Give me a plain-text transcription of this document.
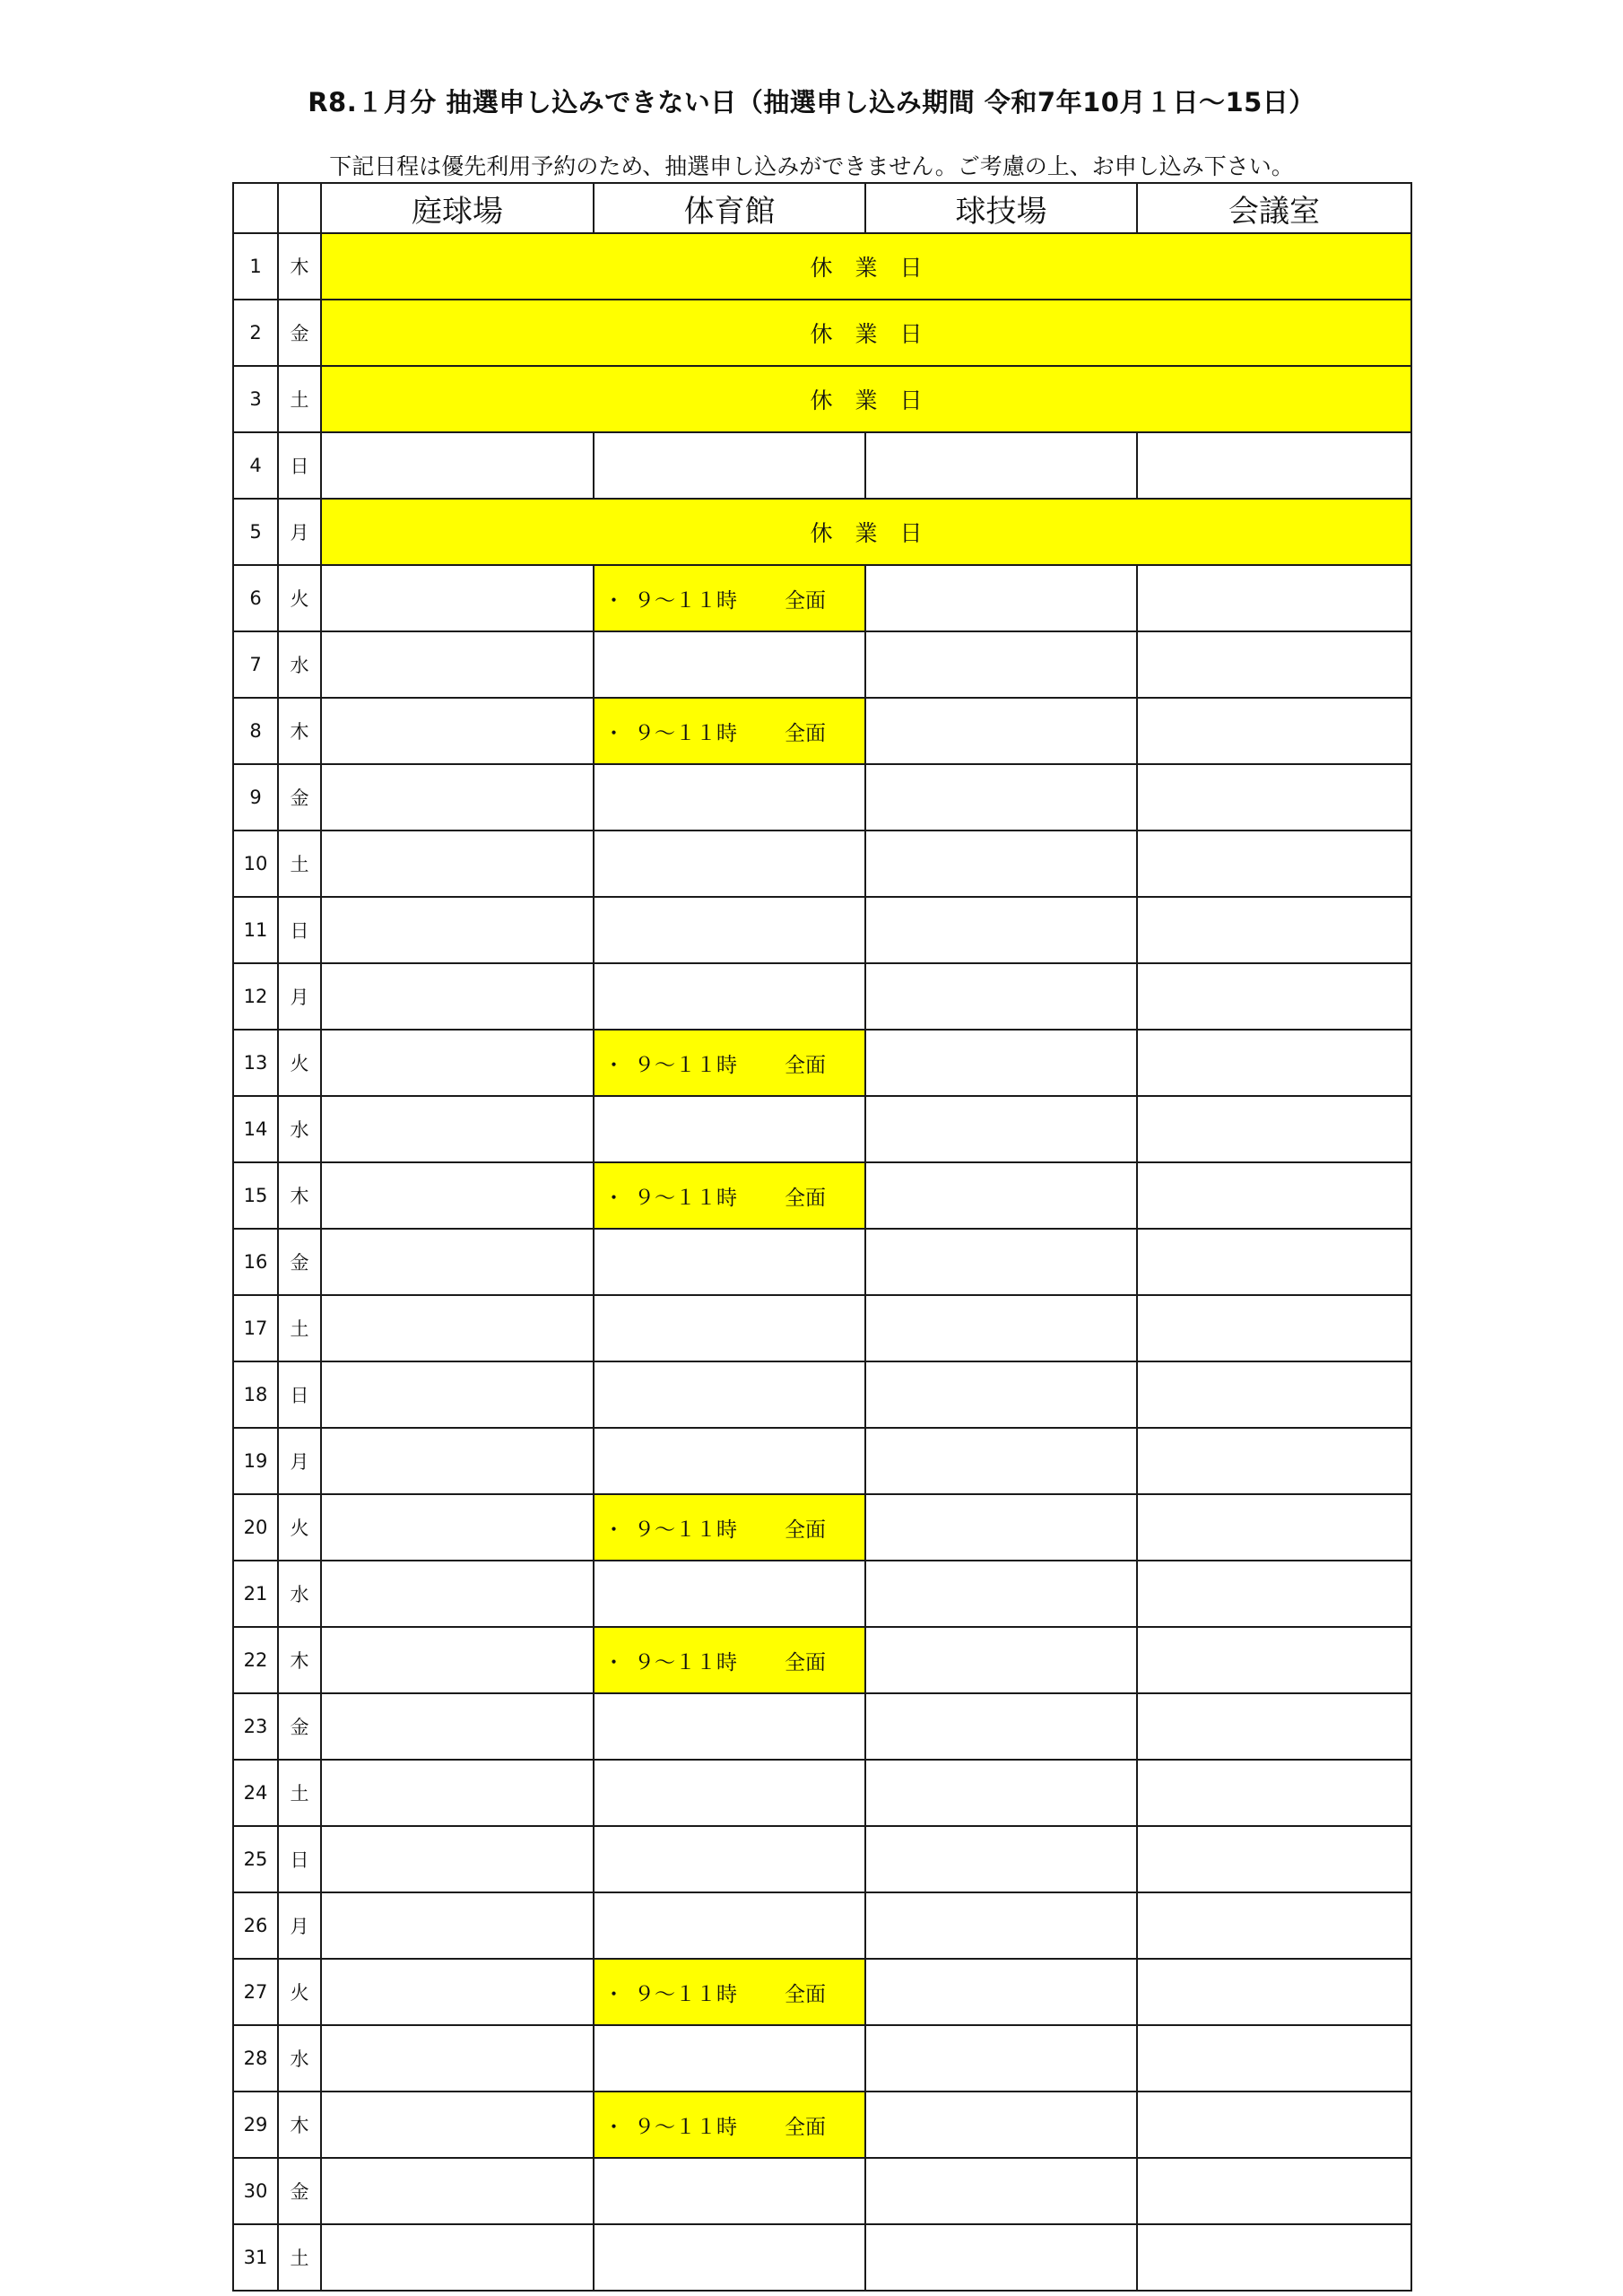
R8.１月分 抽選申し込みできない日（抽選申し込み期間 令和7年10月１日～15日）
下記日程は優先利用予約のため、抽選申し込みができません。ご考慮の上、お申し込み下さい。
		庭球場	体育館	球技場	会議室
1	木	休　業　日			
2	金	休　業　日			
3	土	休　業　日			
4	日				
5	月	休　業　日			
6	火		・ ９～１１時 全面		
7	水				
8	木		・ ９～１１時 全面		
9	金				
10	土				
11	日				
12	月				
13	火		・ ９～１１時 全面		
14	水				
15	木		・ ９～１１時 全面		
16	金				
17	土				
18	日				
19	月				
20	火		・ ９～１１時 全面		
21	水				
22	木		・ ９～１１時 全面		
23	金				
24	土				
25	日				
26	月				
27	火		・ ９～１１時 全面		
28	水				
29	木		・ ９～１１時 全面		
30	金				
31	土				
